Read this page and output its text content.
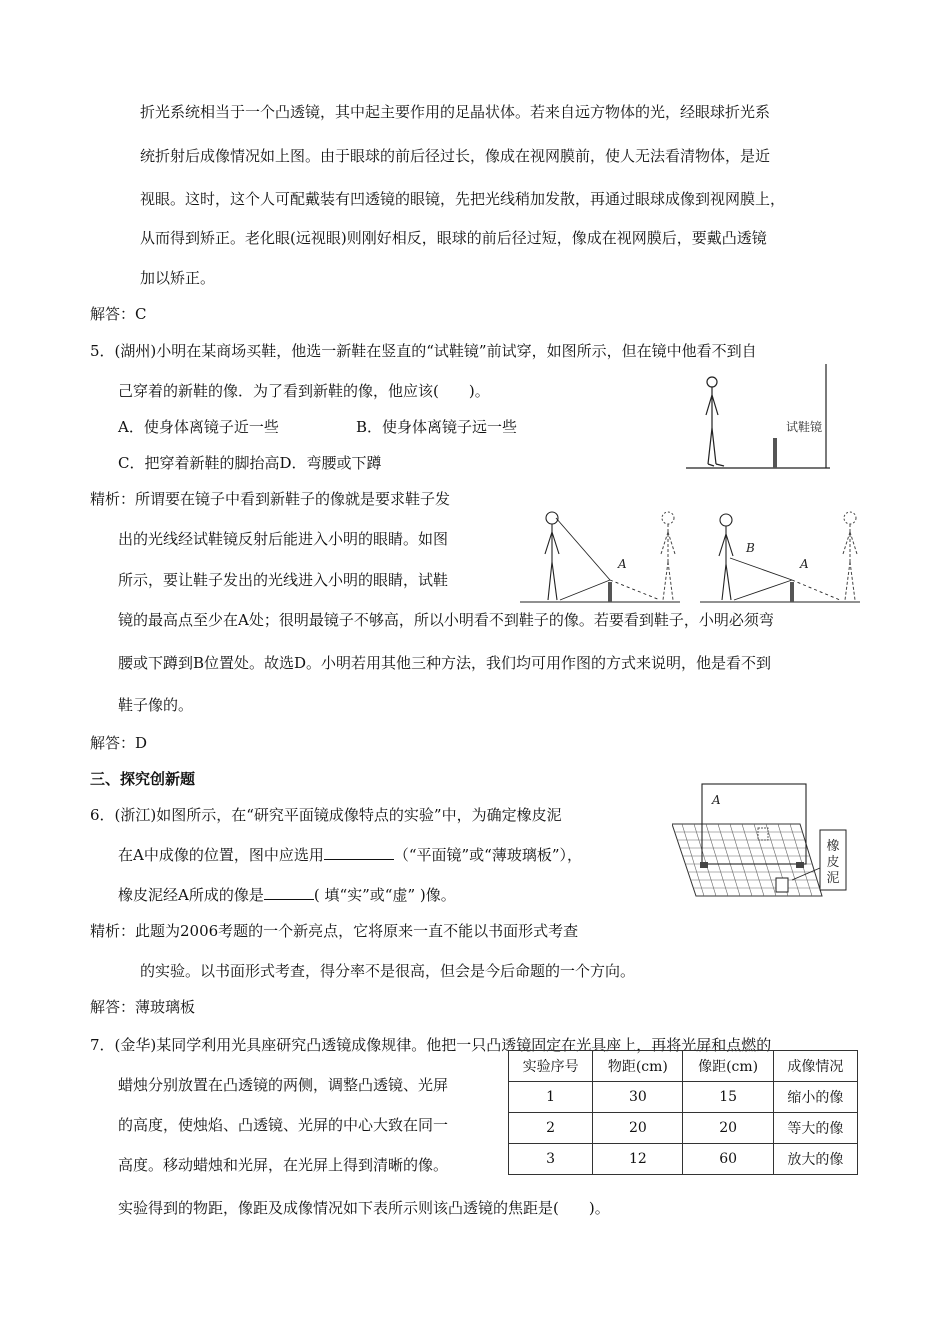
折光系统相当于一个凸透镜，其中起主要作用的足晶状体。若来自远方物体的光，经眼球折光系
统折射后成像情况如上图。由于眼球的前后径过长，像成在视网膜前，使人无法看清物体，是近
视眼。这时，这个人可配戴装有凹透镜的眼镜，先把光线稍加发散，再通过眼球成像到视网膜上，
从而得到矫正。老化眼(远视眼)则刚好相反，眼球的前后径过短，像成在视网膜后，要戴凸透镜
加以矫正。
解答：C
5．(湖州)小明在某商场买鞋，他选一新鞋在竖直的“试鞋镜”前试穿，如图所示，但在镜中他看不到自
己穿着的新鞋的像．为了看到新鞋的像，他应该(　　)。
A．使身体离镜子近一些	B．使身体离镜子远一些
C．把穿着新鞋的脚抬高D．弯腰或下蹲
试鞋镜
精析：所谓要在镜子中看到新鞋子的像就是要求鞋子发
出的光线经试鞋镜反射后能进入小明的眼睛。如图
所示，要让鞋子发出的光线进入小明的眼睛，试鞋
镜的最高点至少在A处；很明最镜子不够高，所以小明看不到鞋子的像。若要看到鞋子，小明必须弯
腰或下蹲到B位置处。故选D。小明若用其他三种方法，我们均可用作图的方式来说明，他是看不到
鞋子像的。
A
B
A
解答：D
三、探究创新题
6．(浙江)如图所示，在“研究平面镜成像特点的实验”中，为确定橡皮泥
在A中成像的位置，图中应选用	（“平面镜”或“薄玻璃板”），
橡皮泥经A所成的像是	( 填“实”或“虚” )像。
A
橡皮泥
精析：此题为2006考题的一个新亮点，它将原来一直不能以书面形式考查
的实验。以书面形式考查，得分率不是很高，但会是今后命题的一个方向。
解答：薄玻璃板
7．(金华)某同学利用光具座研究凸透镜成像规律。他把一只凸透镜固定在光具座上，再将光屏和点燃的
蜡烛分别放置在凸透镜的两侧，调整凸透镜、光屏
的高度，使烛焰、凸透镜、光屏的中心大致在同一
高度。移动蜡烛和光屏，在光屏上得到清晰的像。
实验得到的物距，像距及成像情况如下表所示则该凸透镜的焦距是(　　)。
实验序号	物距(cm)	像距(cm)	成像情况
1	30	15	缩小的像
2	20	20	等大的像
3	12	60	放大的像
